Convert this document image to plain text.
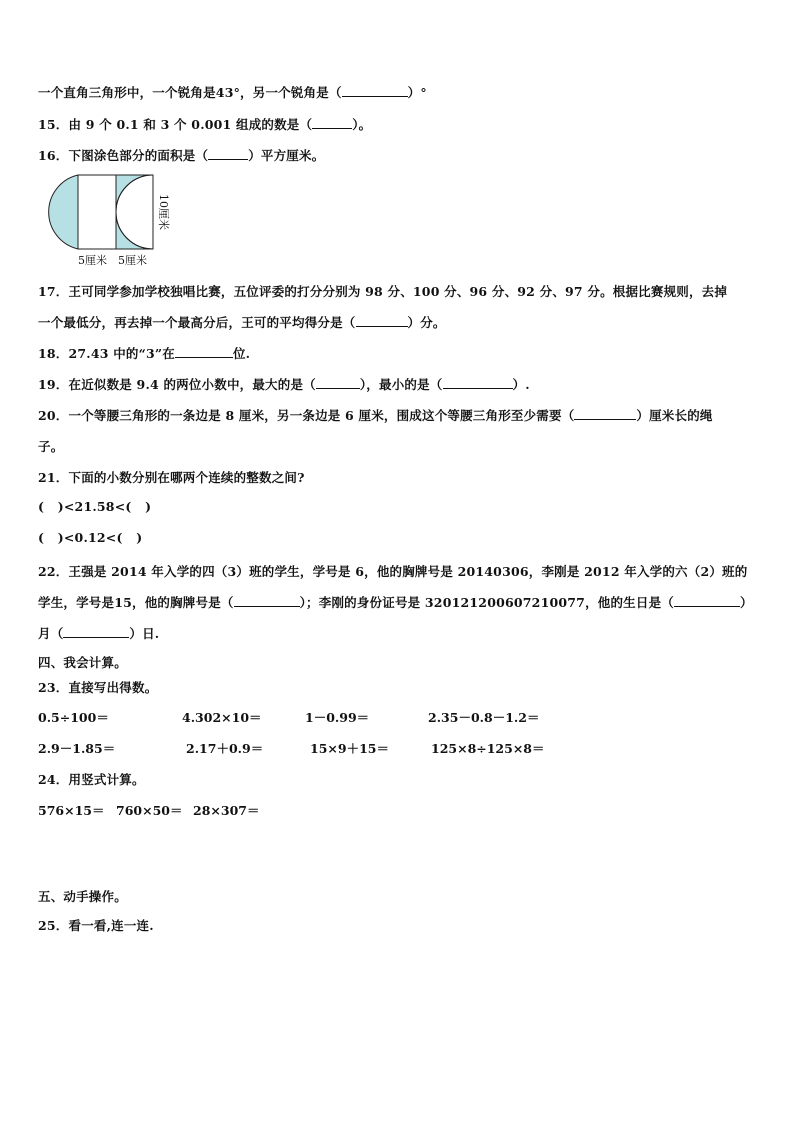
一个直角三角形中，一个锐角是43°，另一个锐角是（	）°
15．由 9 个 0.1 和 3 个 0.001 组成的数是（	）。
16．下图涂色部分的面积是（	）平方厘米。
10厘米
5厘米 5厘米
17．王可同学参加学校独唱比赛，五位评委的打分分别为 98 分、100 分、96 分、92 分、97 分。根据比赛规则，去掉
一个最低分，再去掉一个最高分后，王可的平均得分是（	）分。
18．27.43 中的“3”在	位.
19．在近似数是 9.4 的两位小数中，最大的是（	），最小的是（	）.
20．一个等腰三角形的一条边是 8 厘米，另一条边是 6 厘米，围成这个等腰三角形至少需要（	）厘米长的绳
子。
21．下面的小数分别在哪两个连续的整数之间?
(   )<21.58<(   )
(   )<0.12<(   )
22．王强是 2014 年入学的四（3）班的学生，学号是 6，他的胸牌号是 20140306，李刚是 2012 年入学的六（2）班的
学生，学号是15，他的胸牌号是（	）；李刚的身份证号是 320121200607210077，他的生日是（	）
月（	）日.
四、我会计算。
23．直接写出得数。
0.5÷100＝	4.302×10＝	1－0.99＝	2.35－0.8－1.2＝
2.9－1.85＝	2.17＋0.9＝	15×9＋15＝	125×8÷125×8＝
24．用竖式计算。
576×15＝ 760×50＝ 28×307＝
五、动手操作。
25．看一看,连一连.
